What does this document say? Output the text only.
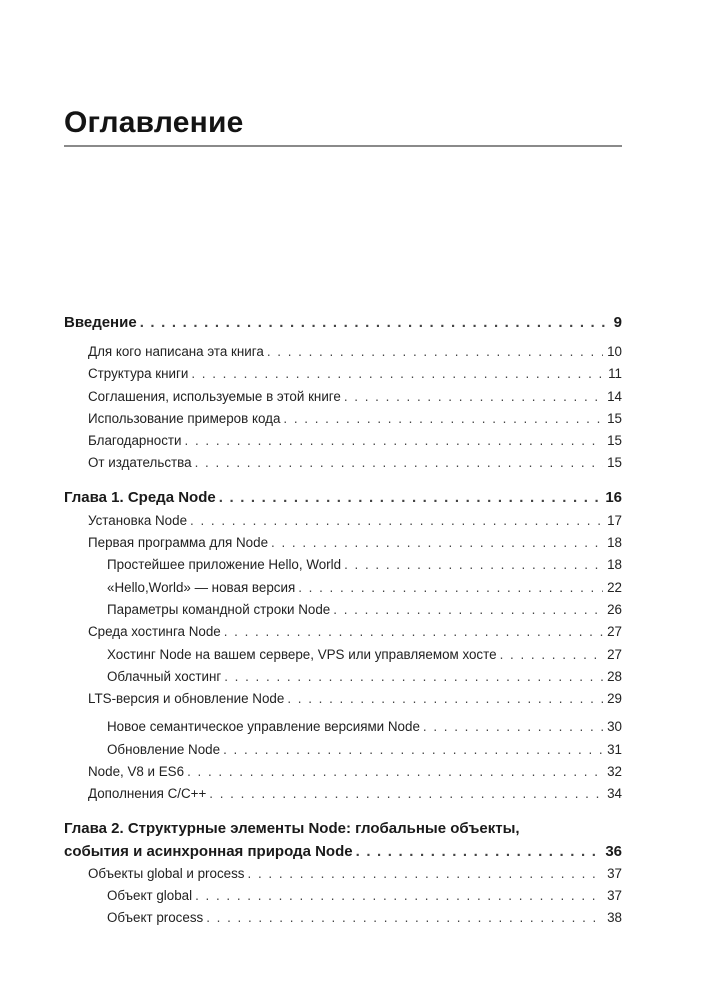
Оглавление
Введение . . .	9
Для кого написана эта книга . . .	10
Структура книги . . .	11
Соглашения, используемые в этой книге . . .	14
Использование примеров кода . . .	15
Благодарности . . .	15
От издательства . . .	15
Глава 1. Среда Node . . .	16
Установка Node . . .	17
Первая программа для Node . . .	18
Простейшее приложение Hello, World . . .	18
«Hello,World» — новая версия . . .	22
Параметры командной строки Node . . .	26
Среда хостинга Node . . .	27
Хостинг Node на вашем сервере, VPS или управляемом хосте . . .	27
Облачный хостинг . . .	28
LTS-версия и обновление Node . . .	29
Новое семантическое управление версиями Node . . .	30
Обновление Node . . .	31
Node, V8 и ES6 . . .	32
Дополнения C/C++ . . .	34
Глава 2. Структурные элементы Node: глобальные объекты,
события и асинхронная природа Node . . .	36
Объекты global и process . . .	37
Объект global . . .	37
Объект process . . .	38
